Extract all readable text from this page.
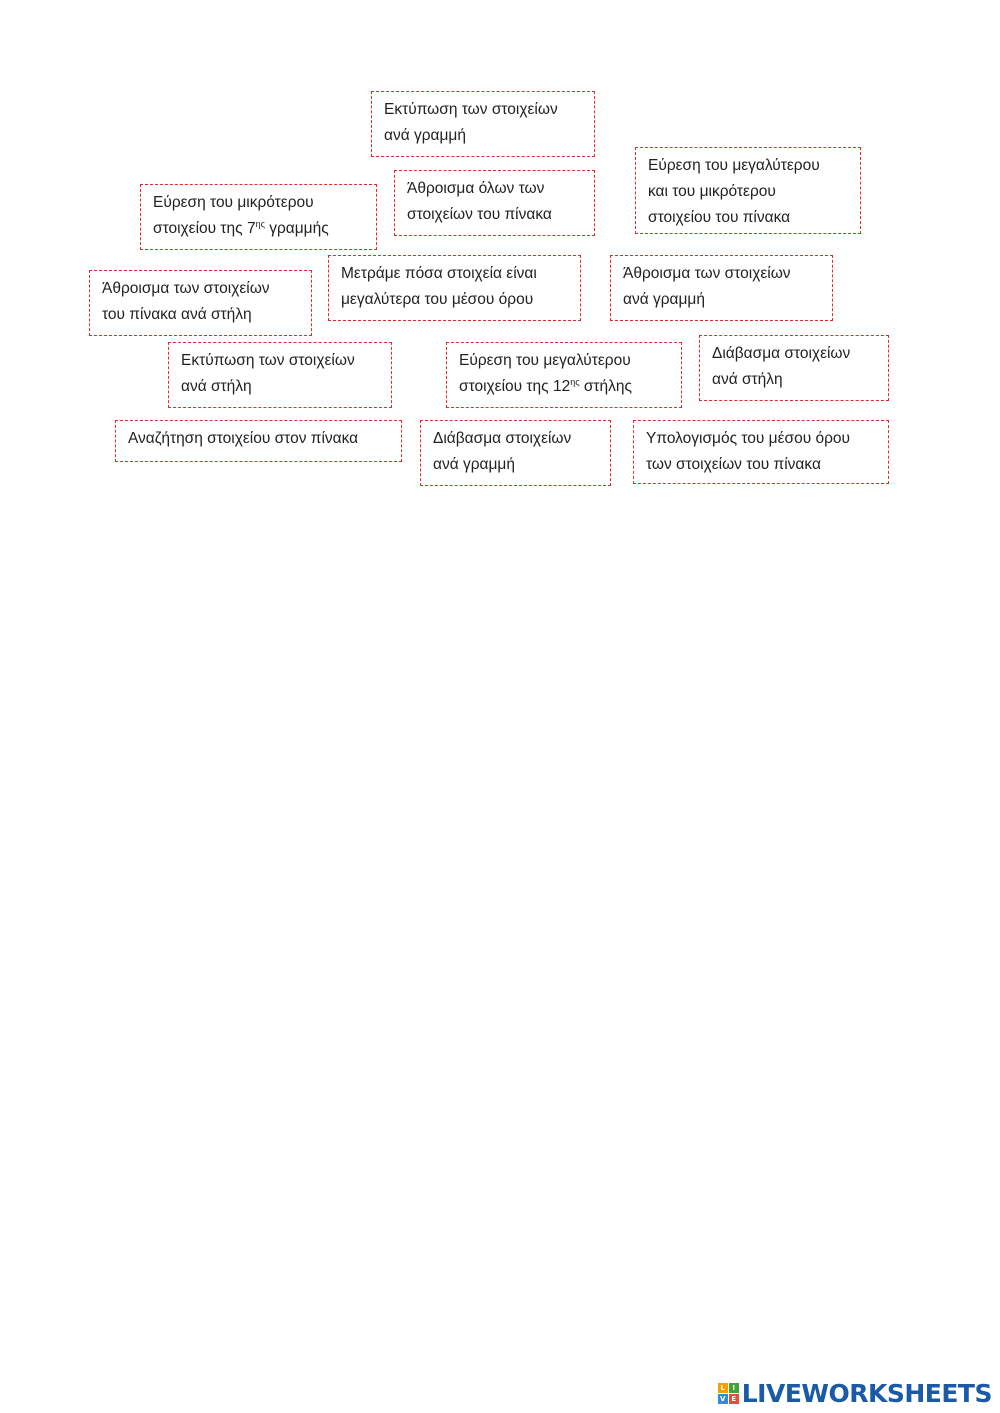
Εκτύπωση των στοιχείων
ανά γραμμή
Εύρεση του μεγαλύτερου
και του μικρότερου
στοιχείου του πίνακα
Εύρεση του μικρότερου
στοιχείου της $7^{\eta\varsigma}$ γραμμής
Άθροισμα όλων των
στοιχείων του πίνακα
Άθροισμα των στοιχείων
του πίνακα ανά στήλη
Μετράμε πόσα στοιχεία είναι
μεγαλύτερα του μέσου όρου
Άθροισμα των στοιχείων
ανά γραμμή
Εκτύπωση των στοιχείων
ανά στήλη
Εύρεση του μεγαλύτερου
στοιχείου της $12^{\eta\varsigma}$ στήλης
Διάβασμα στοιχείων
ανά στήλη
Αναζήτηση στοιχείου στον πίνακα	Διάβασμα στοιχείων
ανά γραμμή
Υπολογισμός του μέσου όρου
των στοιχείων του πίνακα
L	I
V E LIVEWORKSHEETS
